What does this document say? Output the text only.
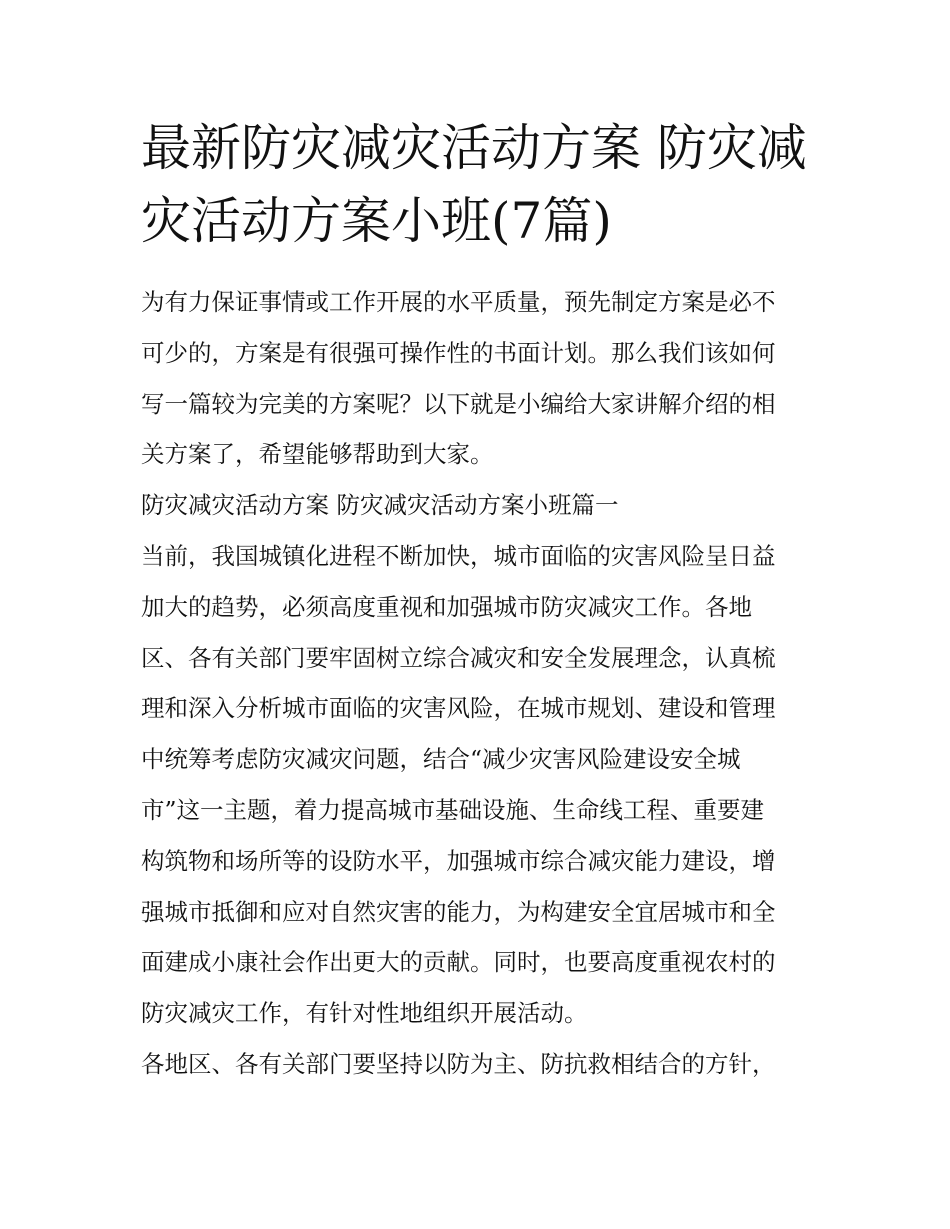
最新防灾减灾活动方案 防灾减
灾活动方案小班(7篇)
为有力保证事情或工作开展的水平质量，预先制定方案是必不
可少的，方案是有很强可操作性的书面计划。那么我们该如何
写一篇较为完美的方案呢？以下就是小编给大家讲解介绍的相
关方案了，希望能够帮助到大家。
防灾减灾活动方案 防灾减灾活动方案小班篇一
当前，我国城镇化进程不断加快，城市面临的灾害风险呈日益
加大的趋势，必须高度重视和加强城市防灾减灾工作。各地
区、各有关部门要牢固树立综合减灾和安全发展理念，认真梳
理和深入分析城市面临的灾害风险，在城市规划、建设和管理
中统筹考虑防灾减灾问题，结合“减少灾害风险建设安全城
市”这一主题，着力提高城市基础设施、生命线工程、重要建
构筑物和场所等的设防水平，加强城市综合减灾能力建设，增
强城市抵御和应对自然灾害的能力，为构建安全宜居城市和全
面建成小康社会作出更大的贡献。同时，也要高度重视农村的
防灾减灾工作，有针对性地组织开展活动。
各地区、各有关部门要坚持以防为主、防抗救相结合的方针，
